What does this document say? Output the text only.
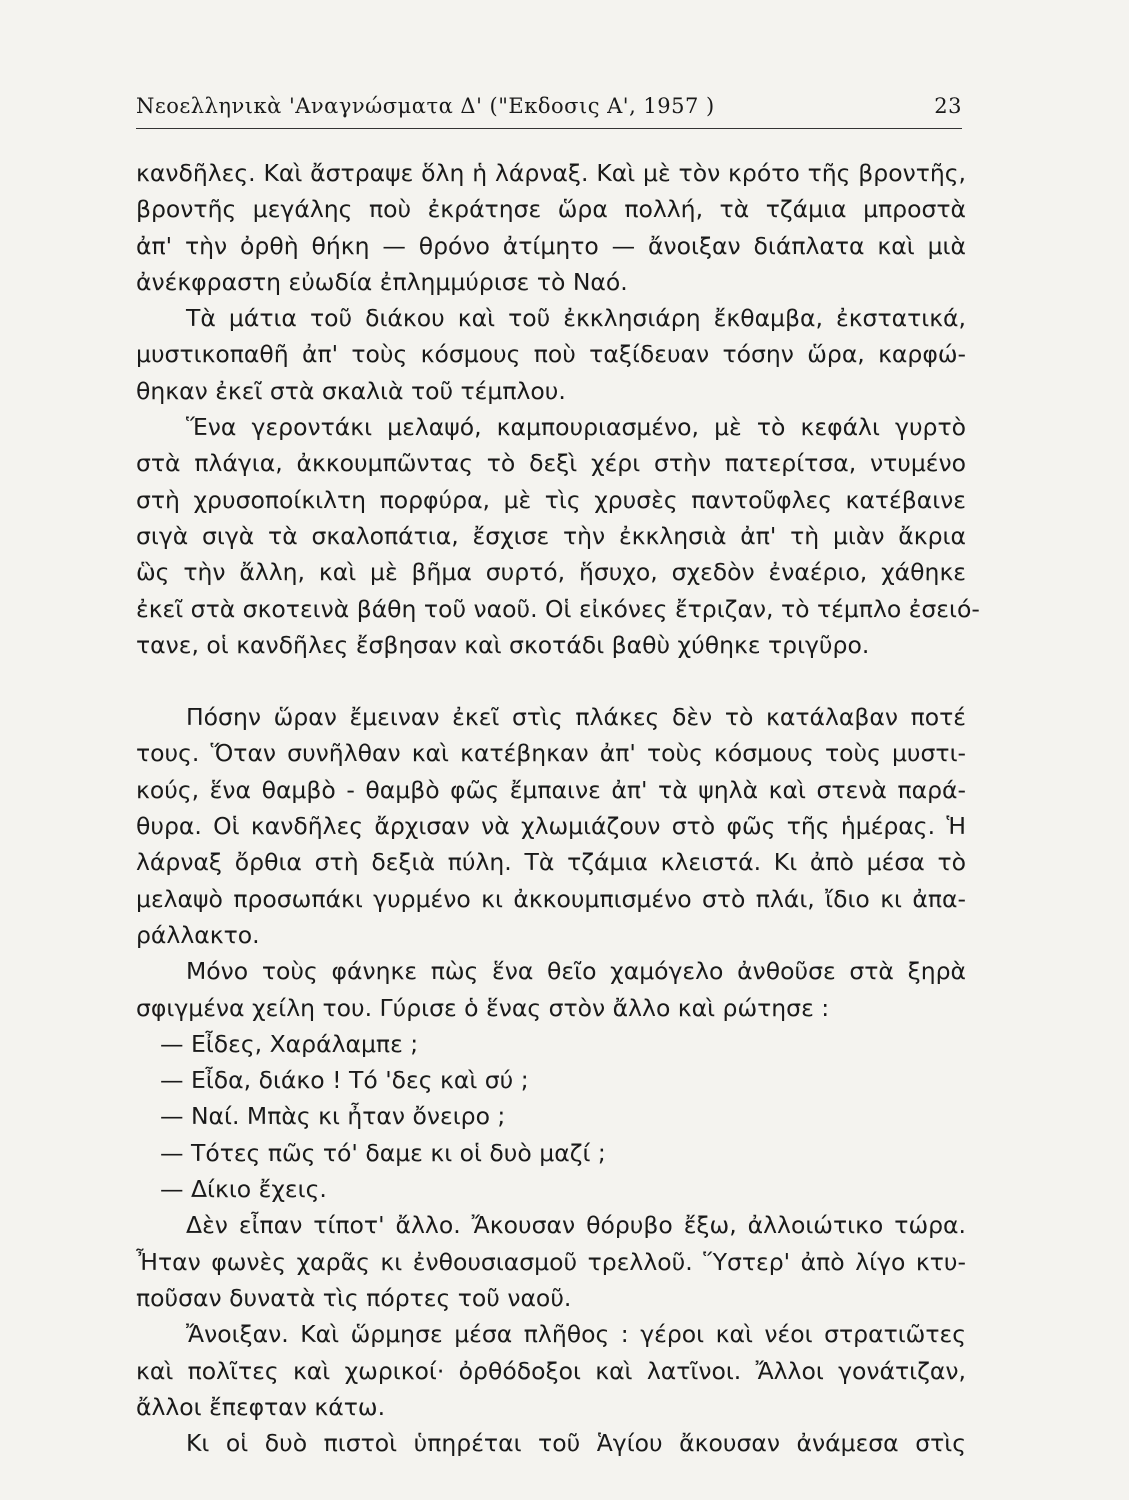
Νεοελληνικὰ 'Αναγνώσματα Δ' ("Εκδοσις Α', 1957 )	23
κανδῆλες. Καὶ ἄστραψε ὅλη ἡ λάρναξ. Καὶ μὲ τὸν κρότο τῆς βροντῆς,
βροντῆς μεγάλης ποὺ ἐκράτησε ὥρα πολλή, τὰ τζάμια μπροστὰ
ἀπ' τὴν ὀρθὴ θήκη — θρόνο ἀτίμητο — ἄνοιξαν διάπλατα καὶ μιὰ
ἀνέκφραστη εὐωδία ἐπλημμύρισε τὸ Ναό.
Τὰ μάτια τοῦ διάκου καὶ τοῦ ἐκκλησιάρη ἔκθαμβα, ἐκστατικά,
μυστικοπαθῆ ἀπ' τοὺς κόσμους ποὺ ταξίδευαν τόσην ὥρα, καρφώ-
θηκαν ἐκεῖ στὰ σκαλιὰ τοῦ τέμπλου.
Ἕνα γεροντάκι μελαψό, καμπουριασμένο, μὲ τὸ κεφάλι γυρτὸ
στὰ πλάγια, ἀκκουμπῶντας τὸ δεξὶ χέρι στὴν πατερίτσα, ντυμένο
στὴ χρυσοποίκιλτη πορφύρα, μὲ τὶς χρυσὲς παντοῦφλες κατέβαινε
σιγὰ σιγὰ τὰ σκαλοπάτια, ἔσχισε τὴν ἐκκλησιὰ ἀπ' τὴ μιὰν ἄκρια
ὣς τὴν ἄλλη, καὶ μὲ βῆμα συρτό, ἥσυχο, σχεδὸν ἐναέριο, χάθηκε
ἐκεῖ στὰ σκοτεινὰ βάθη τοῦ ναοῦ. Οἱ εἰκόνες ἔτριζαν, τὸ τέμπλο ἐσειό-
τανε, οἱ κανδῆλες ἔσβησαν καὶ σκοτάδι βαθὺ χύθηκε τριγῦρο.
Πόσην ὥραν ἔμειναν ἐκεῖ στὶς πλάκες δὲν τὸ κατάλαβαν ποτέ
τους. Ὅταν συνῆλθαν καὶ κατέβηκαν ἀπ' τοὺς κόσμους τοὺς μυστι-
κούς, ἕνα θαμβὸ - θαμβὸ φῶς ἔμπαινε ἀπ' τὰ ψηλὰ καὶ στενὰ παρά-
θυρα. Οἱ κανδῆλες ἄρχισαν νὰ χλωμιάζουν στὸ φῶς τῆς ἡμέρας. Ἡ
λάρναξ ὄρθια στὴ δεξιὰ πύλη. Τὰ τζάμια κλειστά. Κι ἀπὸ μέσα τὸ
μελαψὸ προσωπάκι γυρμένο κι ἀκκουμπισμένο στὸ πλάι, ἴδιο κι ἀπα-
ράλλακτο.
Μόνο τοὺς φάνηκε πὼς ἕνα θεῖο χαμόγελο ἀνθοῦσε στὰ ξηρὰ
σφιγμένα χείλη του. Γύρισε ὁ ἕνας στὸν ἄλλο καὶ ρώτησε :
— Εἶδες, Χαράλαμπε ;
— Εἶδα, διάκο ! Τό 'δες καὶ σύ ;
— Ναί. Μπὰς κι ἦταν ὄνειρο ;
— Τότες πῶς τό' δαμε κι οἱ δυὸ μαζί ;
— Δίκιο ἔχεις.
Δὲν εἶπαν τίποτ' ἄλλο. Ἄκουσαν θόρυβο ἔξω, ἀλλοιώτικο τώρα.
Ἦταν φωνὲς χαρᾶς κι ἐνθουσιασμοῦ τρελλοῦ. Ὕστερ' ἀπὸ λίγο κτυ-
ποῦσαν δυνατὰ τὶς πόρτες τοῦ ναοῦ.
Ἄνοιξαν. Καὶ ὥρμησε μέσα πλῆθος : γέροι καὶ νέοι στρατιῶτες
καὶ πολῖτες καὶ χωρικοί· ὀρθόδοξοι καὶ λατῖνοι. Ἄλλοι γονάτιζαν,
ἄλλοι ἔπεφταν κάτω.
Κι οἱ δυὸ πιστοὶ ὑπηρέται τοῦ Ἁγίου ἄκουσαν ἀνάμεσα στὶς
